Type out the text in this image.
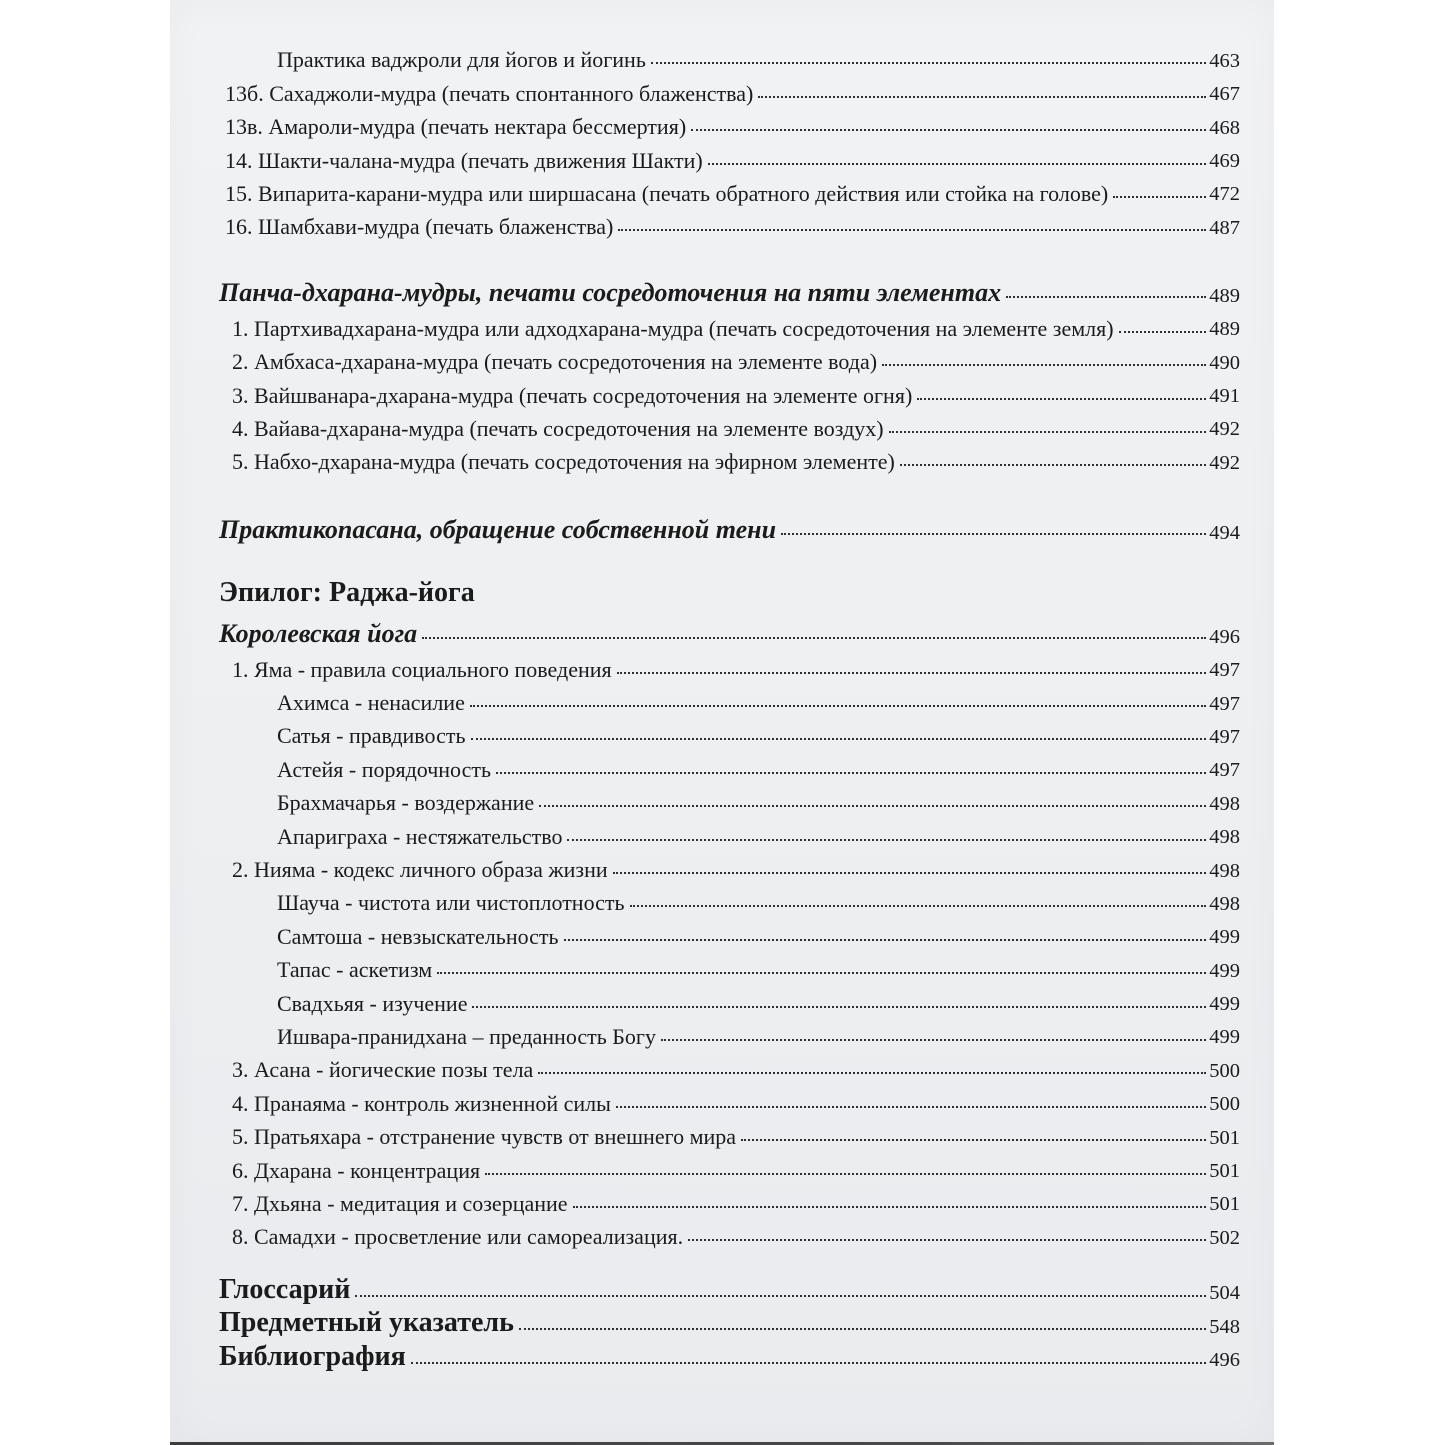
Практика ваджроли для йогов и йогинь	463
13б. Сахаджоли-мудра (печать спонтанного блаженства)	467
13в. Амароли-мудра (печать нектара бессмертия)	468
14. Шакти-чалана-мудра (печать движения Шакти)	469
15. Випарита-карани-мудра или ширшасана (печать обратного действия или стойка на голове)	472
16. Шамбхави-мудра (печать блаженства)	487
Панча-дхарана-мудры, печати сосредоточения на пяти элементах	489
1. Партхивадхарана-мудра или адходхарана-мудра (печать сосредоточения на элементе земля)	489
2. Амбхаса-дхарана-мудра (печать сосредоточения на элементе вода)	490
3. Вайшванара-дхарана-мудра (печать сосредоточения на элементе огня)	491
4. Вайава-дхарана-мудра (печать сосредоточения на элементе воздух)	492
5. Набхо-дхарана-мудра (печать сосредоточения на эфирном элементе)	492
Практикопасана, обращение собственной тени	494
Эпилог: Раджа-йога
Королевская йога	496
1. Яма - правила социального поведения	497
Ахимса - ненасилие	497
Сатья - правдивость	497
Астейя - порядочность	497
Брахмачарья - воздержание	498
Апариграха - нестяжательство	498
2. Нияма - кодекс личного образа жизни	498
Шауча - чистота или чистоплотность	498
Самтоша - невзыскательность	499
Тапас - аскетизм	499
Свадхьяя - изучение	499
Ишвара-пранидхана – преданность Богу	499
3. Асана - йогические позы тела	500
4. Пранаяма - контроль жизненной силы	500
5. Пратьяхара - отстранение чувств от внешнего мира	501
6. Дхарана - концентрация	501
7. Дхьяна - медитация и созерцание	501
8. Самадхи - просветление или самореализация.	502
Глоссарий	504
Предметный указатель	548
Библиография	496
